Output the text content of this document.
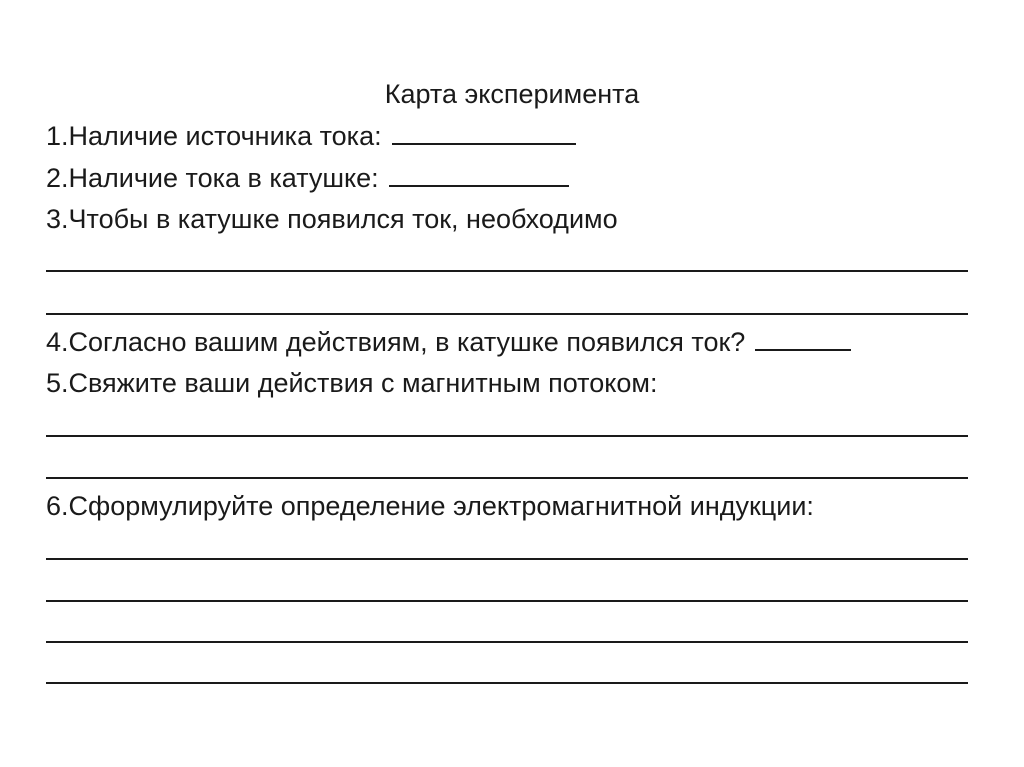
Карта эксперимента
1.Наличие источника тока:
2.Наличие тока в катушке:
3.Чтобы в катушке появился ток, необходимо
4.Согласно вашим действиям, в катушке появился ток?
5.Свяжите ваши действия с магнитным потоком:
6.Сформулируйте определение электромагнитной индукции:
